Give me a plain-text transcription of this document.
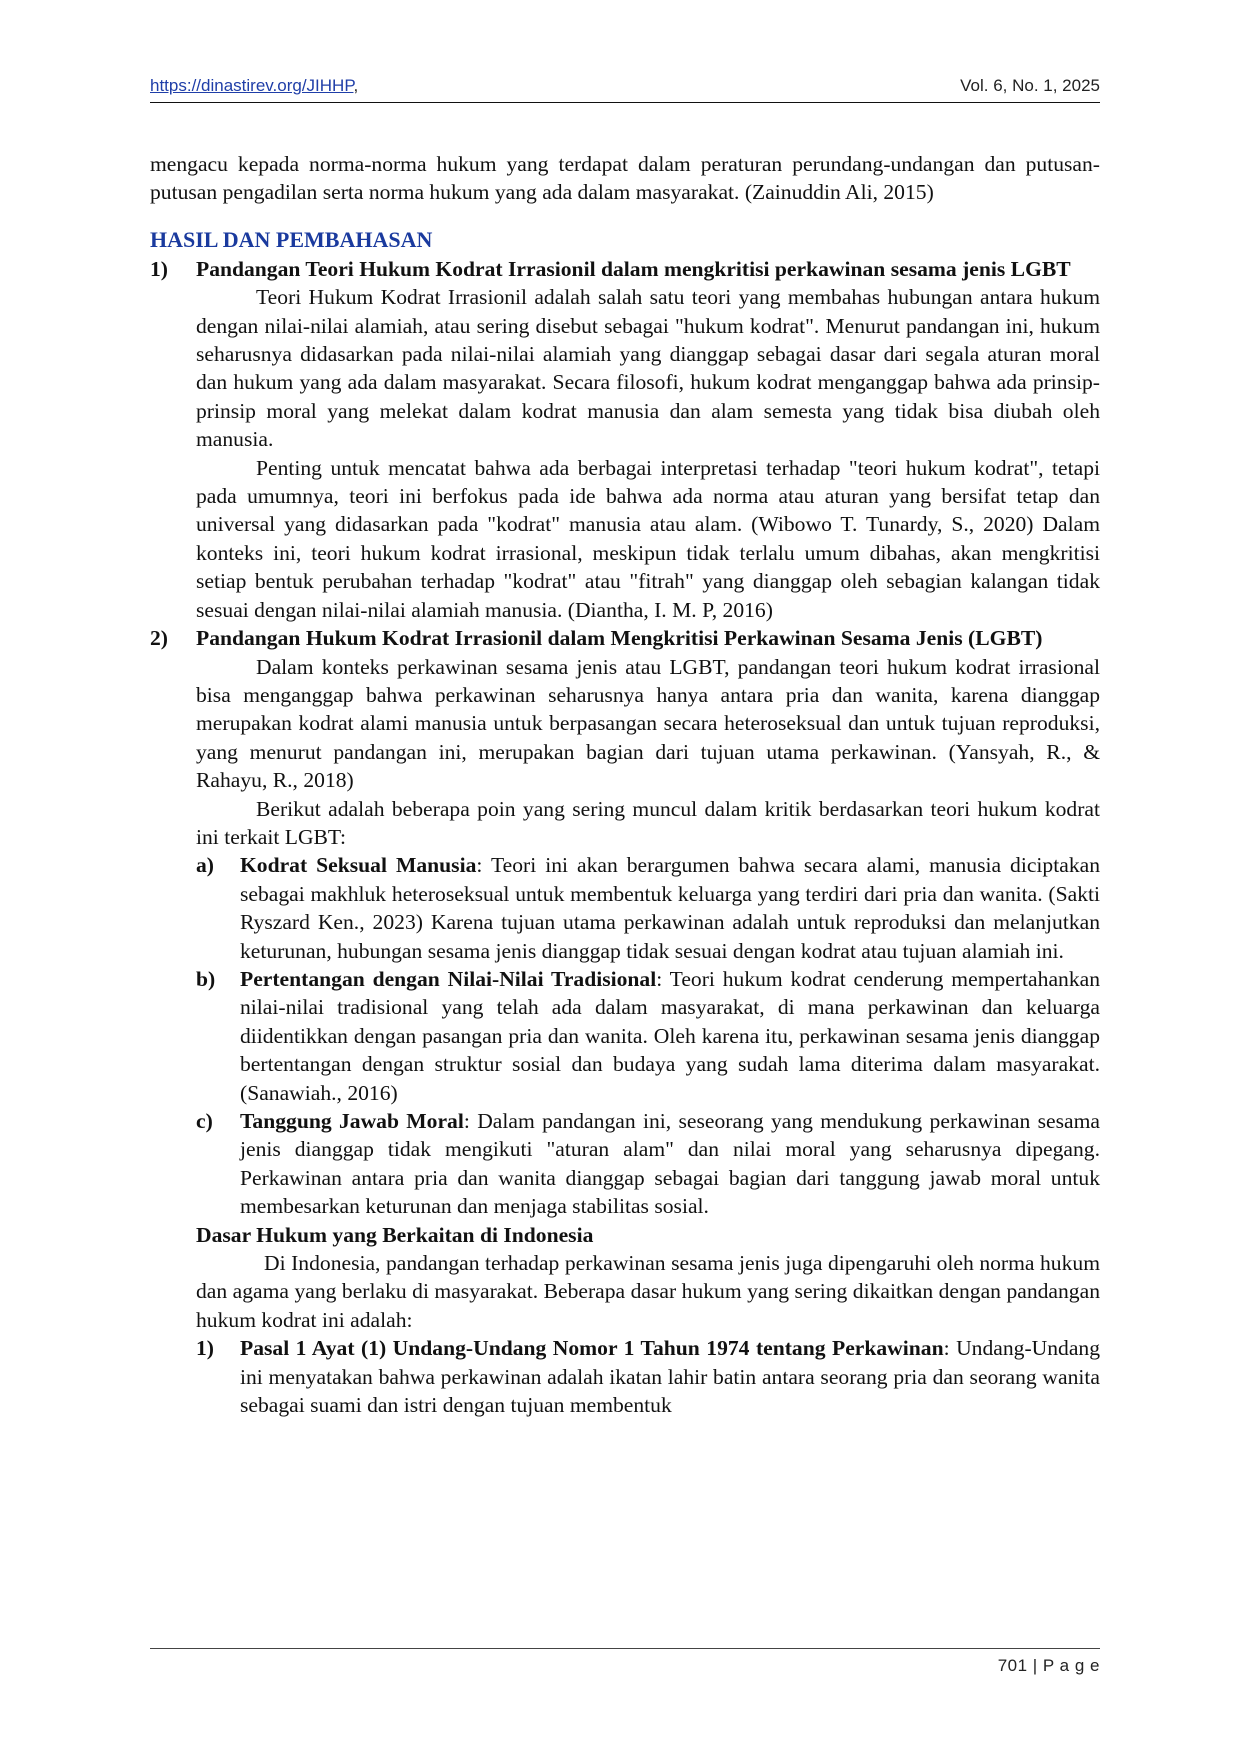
https://dinastirev.org/JIHHP,	Vol. 6, No. 1, 2025

mengacu kepada norma-norma hukum yang terdapat dalam peraturan perundang-undangan dan putusan-putusan pengadilan serta norma hukum yang ada dalam masyarakat. (Zainuddin Ali, 2015)

HASIL DAN PEMBAHASAN
1) Pandangan Teori Hukum Kodrat Irrasionil dalam mengkritisi perkawinan sesama jenis LGBT

Teori Hukum Kodrat Irrasionil adalah salah satu teori yang membahas hubungan antara hukum dengan nilai-nilai alamiah, atau sering disebut sebagai "hukum kodrat". Menurut pandangan ini, hukum seharusnya didasarkan pada nilai-nilai alamiah yang dianggap sebagai dasar dari segala aturan moral dan hukum yang ada dalam masyarakat. Secara filosofi, hukum kodrat menganggap bahwa ada prinsip-prinsip moral yang melekat dalam kodrat manusia dan alam semesta yang tidak bisa diubah oleh manusia.

Penting untuk mencatat bahwa ada berbagai interpretasi terhadap "teori hukum kodrat", tetapi pada umumnya, teori ini berfokus pada ide bahwa ada norma atau aturan yang bersifat tetap dan universal yang didasarkan pada "kodrat" manusia atau alam. (Wibowo T. Tunardy, S., 2020) Dalam konteks ini, teori hukum kodrat irrasional, meskipun tidak terlalu umum dibahas, akan mengkritisi setiap bentuk perubahan terhadap "kodrat" atau "fitrah" yang dianggap oleh sebagian kalangan tidak sesuai dengan nilai-nilai alamiah manusia. (Diantha, I. M. P, 2016)

2) Pandangan Hukum Kodrat Irrasionil dalam Mengkritisi Perkawinan Sesama Jenis (LGBT)

Dalam konteks perkawinan sesama jenis atau LGBT, pandangan teori hukum kodrat irrasional bisa menganggap bahwa perkawinan seharusnya hanya antara pria dan wanita, karena dianggap merupakan kodrat alami manusia untuk berpasangan secara heteroseksual dan untuk tujuan reproduksi, yang menurut pandangan ini, merupakan bagian dari tujuan utama perkawinan. (Yansyah, R., & Rahayu, R., 2018)

Berikut adalah beberapa poin yang sering muncul dalam kritik berdasarkan teori hukum kodrat ini terkait LGBT:

a) Kodrat Seksual Manusia: Teori ini akan berargumen bahwa secara alami, manusia diciptakan sebagai makhluk heteroseksual untuk membentuk keluarga yang terdiri dari pria dan wanita. (Sakti Ryszard Ken., 2023) Karena tujuan utama perkawinan adalah untuk reproduksi dan melanjutkan keturunan, hubungan sesama jenis dianggap tidak sesuai dengan kodrat atau tujuan alamiah ini.
b) Pertentangan dengan Nilai-Nilai Tradisional: Teori hukum kodrat cenderung mempertahankan nilai-nilai tradisional yang telah ada dalam masyarakat, di mana perkawinan dan keluarga diidentikkan dengan pasangan pria dan wanita. Oleh karena itu, perkawinan sesama jenis dianggap bertentangan dengan struktur sosial dan budaya yang sudah lama diterima dalam masyarakat. (Sanawiah., 2016)
c) Tanggung Jawab Moral: Dalam pandangan ini, seseorang yang mendukung perkawinan sesama jenis dianggap tidak mengikuti "aturan alam" dan nilai moral yang seharusnya dipegang. Perkawinan antara pria dan wanita dianggap sebagai bagian dari tanggung jawab moral untuk membesarkan keturunan dan menjaga stabilitas sosial.
Dasar Hukum yang Berkaitan di Indonesia

Di Indonesia, pandangan terhadap perkawinan sesama jenis juga dipengaruhi oleh norma hukum dan agama yang berlaku di masyarakat. Beberapa dasar hukum yang sering dikaitkan dengan pandangan hukum kodrat ini adalah:

1) Pasal 1 Ayat (1) Undang-Undang Nomor 1 Tahun 1974 tentang Perkawinan: Undang-Undang ini menyatakan bahwa perkawinan adalah ikatan lahir batin antara seorang pria dan seorang wanita sebagai suami dan istri dengan tujuan membentuk
701 | P a g e
